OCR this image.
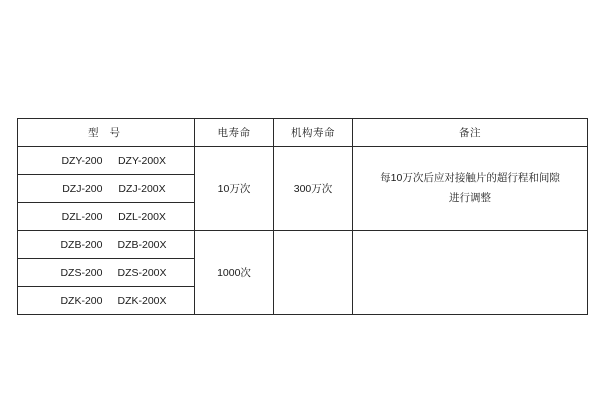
型 号	电寿命	机构寿命	备注
DZY-200 DZY-200X	10万次	300万次	每10万次后应对接触片的超行程和间隙
进行调整

DZJ-200 DZJ-200X			
DZL-200 DZL-200X			
DZB-200 DZB-200X	1000次		
DZS-200 DZS-200X			
DZK-200 DZK-200X			
